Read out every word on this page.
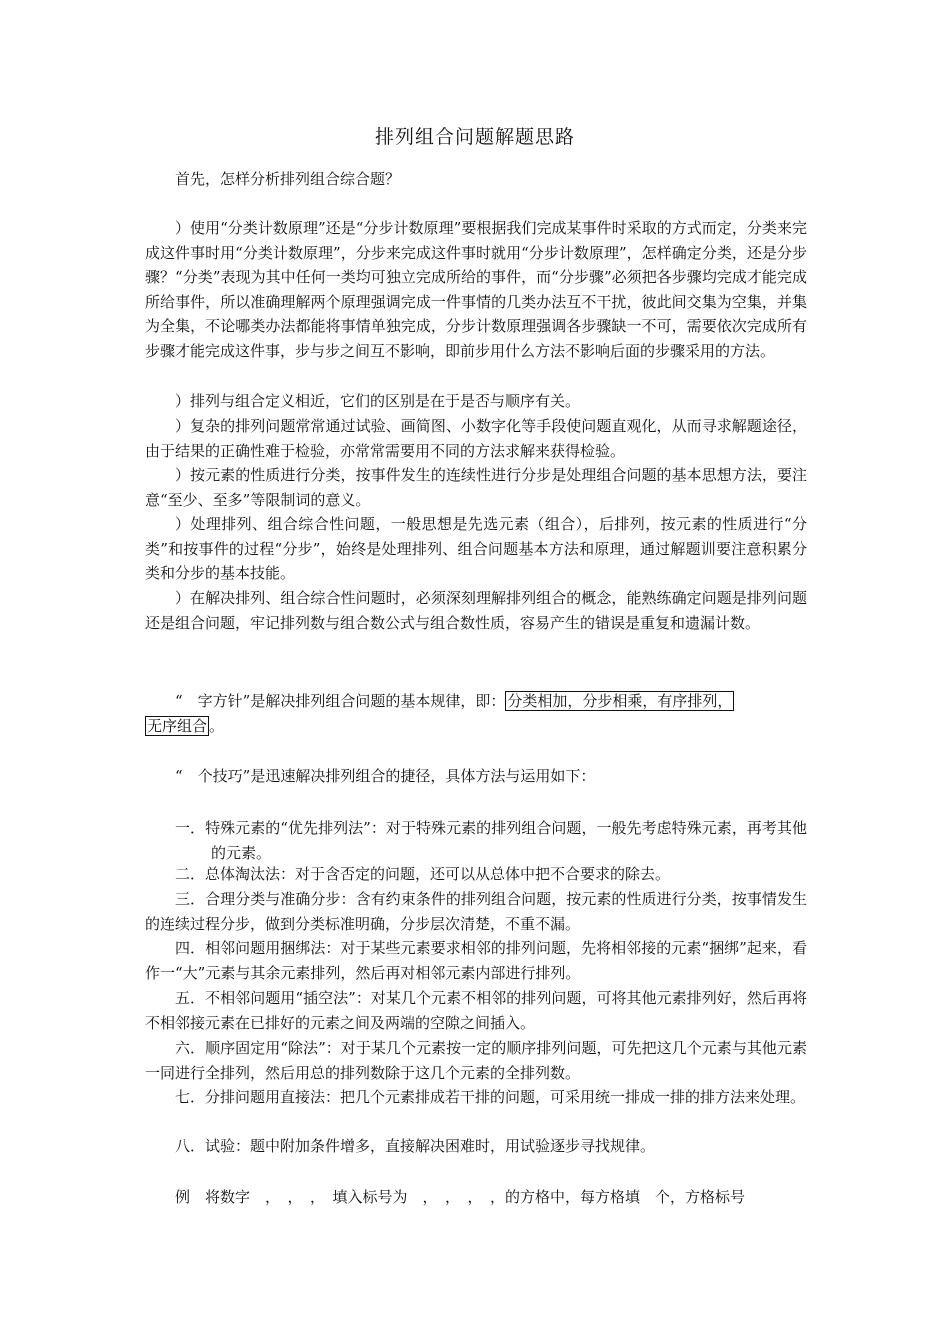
排列组合问题解题思路

首先，怎样分析排列组合综合题？

）使用“分类计数原理”还是“分步计数原理”要根据我们完成某事件时采取的方式而定，分类来完成这件事时用“分类计数原理”，分步来完成这件事时就用“分步计数原理”，怎样确定分类，还是分步骤？“分类”表现为其中任何一类均可独立完成所给的事件，而“分步骤”必须把各步骤均完成才能完成所给事件，所以准确理解两个原理强调完成一件事情的几类办法互不干扰，彼此间交集为空集，并集为全集，不论哪类办法都能将事情单独完成，分步计数原理强调各步骤缺一不可，需要依次完成所有步骤才能完成这件事，步与步之间互不影响，即前步用什么方法不影响后面的步骤采用的方法。

）排列与组合定义相近，它们的区别是在于是否与顺序有关。

）复杂的排列问题常常通过试验、画简图、小数字化等手段使问题直观化，从而寻求解题途径，由于结果的正确性难于检验，亦常常需要用不同的方法求解来获得检验。

）按元素的性质进行分类，按事件发生的连续性进行分步是处理组合问题的基本思想方法，要注意“至少、至多”等限制词的意义。

）处理排列、组合综合性问题，一般思想是先选元素（组合），后排列，按元素的性质进行“分类”和按事件的过程“分步”，始终是处理排列、组合问题基本方法和原理，通过解题训要注意积累分类和分步的基本技能。

）在解决排列、组合综合性问题时，必须深刻理解排列组合的概念，能熟练确定问题是排列问题还是组合问题，牢记排列数与组合数公式与组合数性质，容易产生的错误是重复和遗漏计数。

“　字方针”是解决排列组合问题的基本规律，即： 分类相加，分步相乘，有序排列，
无序组合 。
“　个技巧”是迅速解决排列组合的捷径，具体方法与运用如下：

一．特殊元素的“优先排列法”：对于特殊元素的排列组合问题，一般先考虑特殊元素，再考其他的元素。

二．总体淘汰法：对于含否定的问题，还可以从总体中把不合要求的除去。

三．合理分类与准确分步：含有约束条件的排列组合问题，按元素的性质进行分类，按事情发生的连续过程分步，做到分类标准明确，分步层次清楚，不重不漏。

四．相邻问题用捆绑法：对于某些元素要求相邻的排列问题，先将相邻接的元素“捆绑”起来，看作一“大”元素与其余元素排列，然后再对相邻元素内部进行排列。

五．不相邻问题用“插空法”：对某几个元素不相邻的排列问题，可将其他元素排列好，然后再将不相邻接元素在已排好的元素之间及两端的空隙之间插入。

六．顺序固定用“除法”：对于某几个元素按一定的顺序排列问题，可先把这几个元素与其他元素一同进行全排列，然后用总的排列数除于这几个元素的全排列数。

七．分排问题用直接法：把几个元素排成若干排的问题，可采用统一排成一排的排方法来处理。

八．试验：题中附加条件增多，直接解决困难时，用试验逐步寻找规律。

例　将数字　，　，　，　填入标号为　，　，　，　，的方格中，每方格填　个，方格标号
